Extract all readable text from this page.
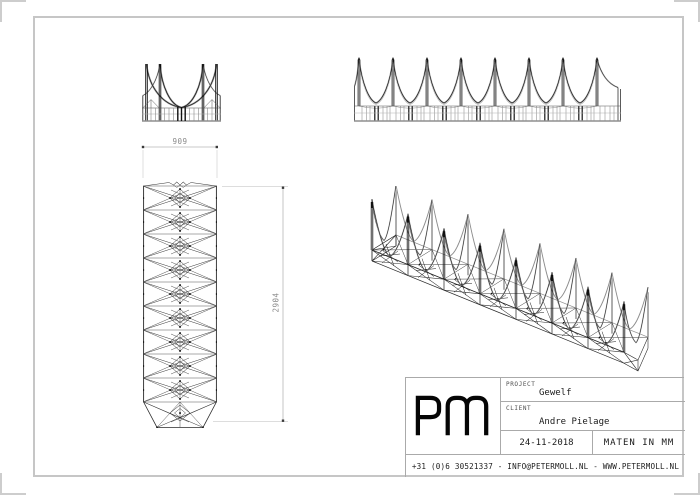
909
2904
PROJECT
Gewelf
CLIENT
Andre Pielage
24-11-2018	MATEN IN MM
+31 (0)6 30521337 - INFO@PETERMOLL.NL - WWW.PETERMOLL.NL
